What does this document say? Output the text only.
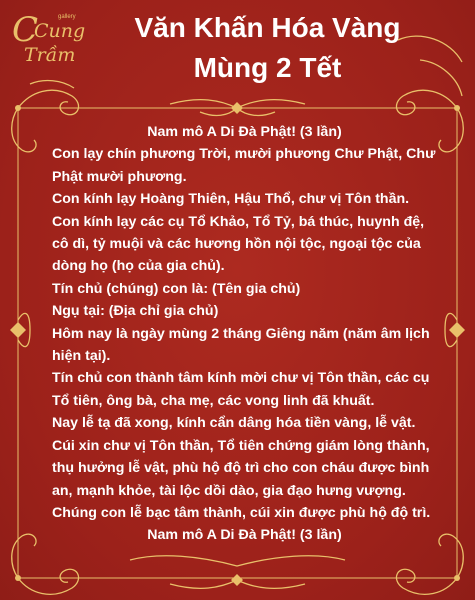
C
Cung
gallery
Trầm
Văn Khấn Hóa Vàng
Mùng 2 Tết

Nam mô A Di Đà Phật! (3 lần)

Con lạy chín phương Trời, mười phương Chư Phật, Chư Phật mười phương.

Con kính lạy Hoàng Thiên, Hậu Thổ, chư vị Tôn thần.

Con kính lạy các cụ Tổ Khảo, Tổ Tỷ, bá thúc, huynh đệ, cô dì, tỷ muội và các hương hồn nội tộc, ngoại tộc của dòng họ (họ của gia chủ).

Tín chủ (chúng) con là: (Tên gia chủ)

Ngụ tại: (Địa chỉ gia chủ)

Hôm nay là ngày mùng 2 tháng Giêng năm (năm âm lịch hiện tại).

Tín chủ con thành tâm kính mời chư vị Tôn thần, các cụ Tổ tiên, ông bà, cha mẹ, các vong linh đã khuất.

Nay lễ tạ đã xong, kính cẩn dâng hóa tiền vàng, lễ vật.

Cúi xin chư vị Tôn thần, Tổ tiên chứng giám lòng thành, thụ hưởng lễ vật, phù hộ độ trì cho con cháu được bình an, mạnh khỏe, tài lộc dồi dào, gia đạo hưng vượng.

Chúng con lễ bạc tâm thành, cúi xin được phù hộ độ trì.

Nam mô A Di Đà Phật! (3 lần)
